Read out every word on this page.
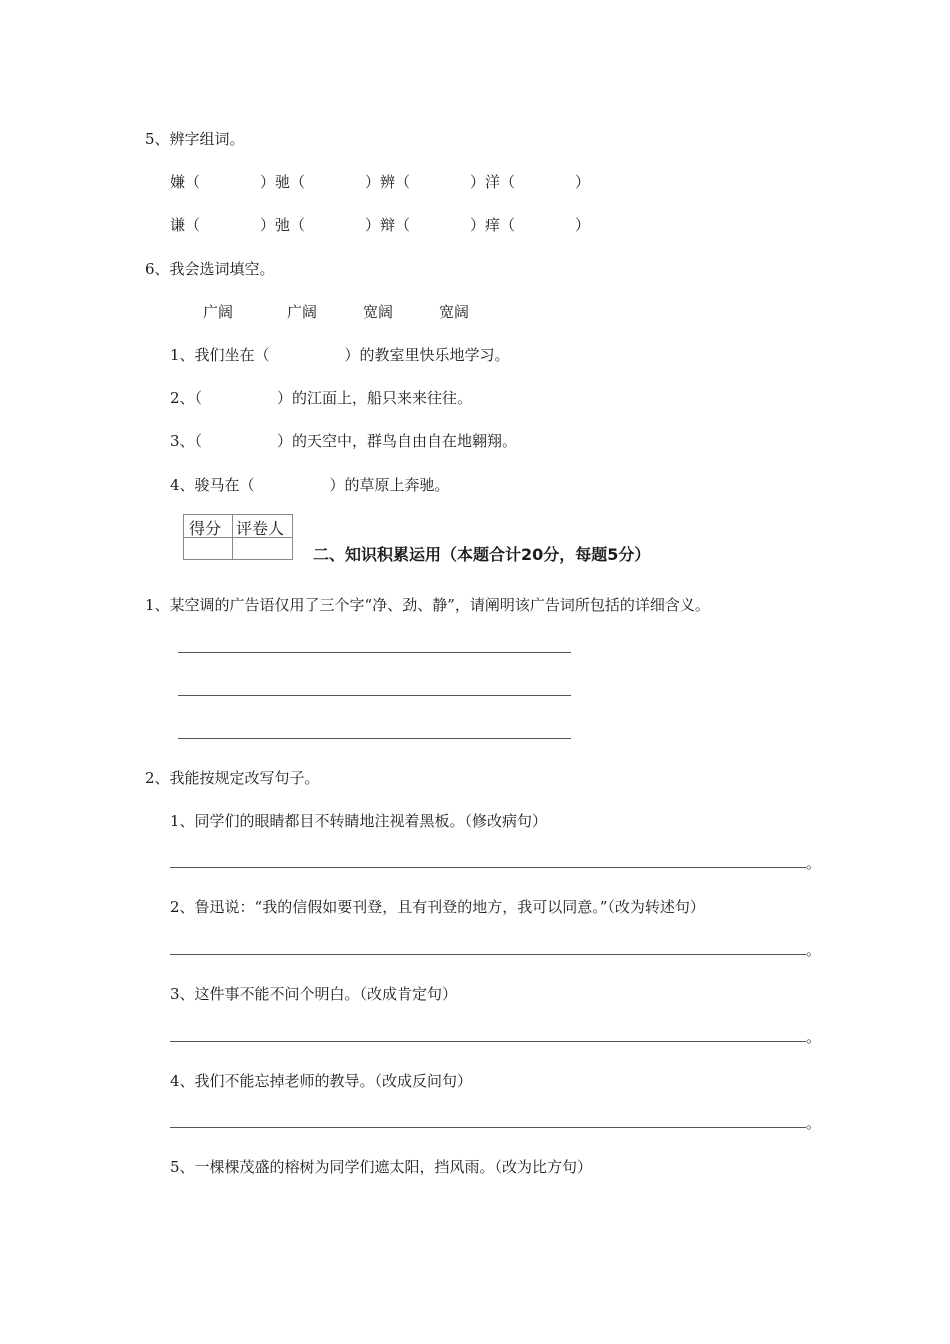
5、辨字组词。
嫌（　　　　）驰（　　　　）辨（　　　　）洋（　　　　）
谦（　　　　）弛（　　　　）辩（　　　　）痒（　　　　）
6、我会选词填空。
广阔	广阔	宽阔	宽阔
1、我们坐在（　　　　　）的教室里快乐地学习。
2、（　　　　　）的江面上，船只来来往往。
3、（　　　　　）的天空中，群鸟自由自在地翱翔。
4、骏马在（　　　　　）的草原上奔驰。
得分 评卷人
二、知识积累运用（本题合计20分，每题5分）
1、某空调的广告语仅用了三个字“净、劲、静”，请阐明该广告词所包括的详细含义。
2、我能按规定改写句子。
1、同学们的眼睛都目不转睛地注视着黑板。（修改病句）
。
2、鲁迅说：“我的信假如要刊登，且有刊登的地方，我可以同意。”（改为转述句）
。
3、这件事不能不问个明白。（改成肯定句）
。
4、我们不能忘掉老师的教导。（改成反问句）
。
5、一棵棵茂盛的榕树为同学们遮太阳，挡风雨。（改为比方句）
